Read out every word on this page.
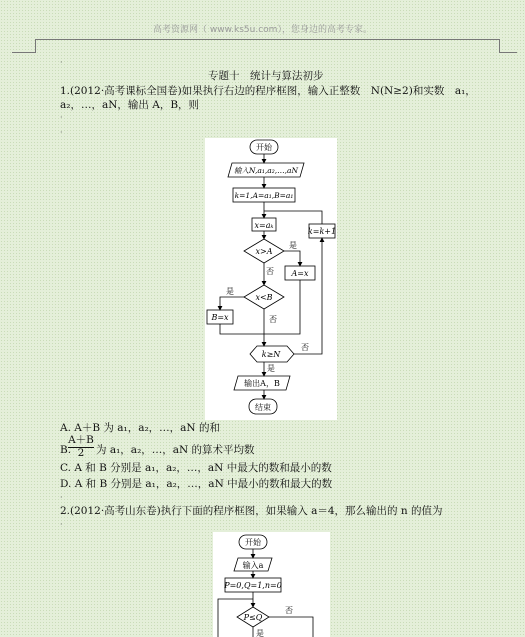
高考资源网（ www.ks5u.com），您身边的高考专家。
·
专题十　统计与算法初步
1.(2012·高考课标全国卷)如果执行右边的程序框图，输入正整数　N(N≥2)和实数　a₁，
a₂，…，aN，输出 A，B，则
·
·
开始
输入N,a₁,a₂,…,aN
k=1,A=a₁,B=a₁
x=aₖ
x>A
是
否 A=x
x<B
是
否
B=x
k=k+1
k≥N
否
是
输出A，B
结束
A. A＋B 为 a₁，a₂，…，aN 的和
B.
A＋B
2	为 a₁，a₂，…，aN 的算术平均数
C. A 和 B 分别是 a₁，a₂，…，aN 中最大的数和最小的数
D. A 和 B 分别是 a₁，a₂，…，aN 中最小的数和最大的数
·
2.(2012·高考山东卷)执行下面的程序框图，如果输入 a＝4，那么输出的 n 的值为
·
开始
输入a
P=0,Q=1,n=0
P≤Q
否
是
